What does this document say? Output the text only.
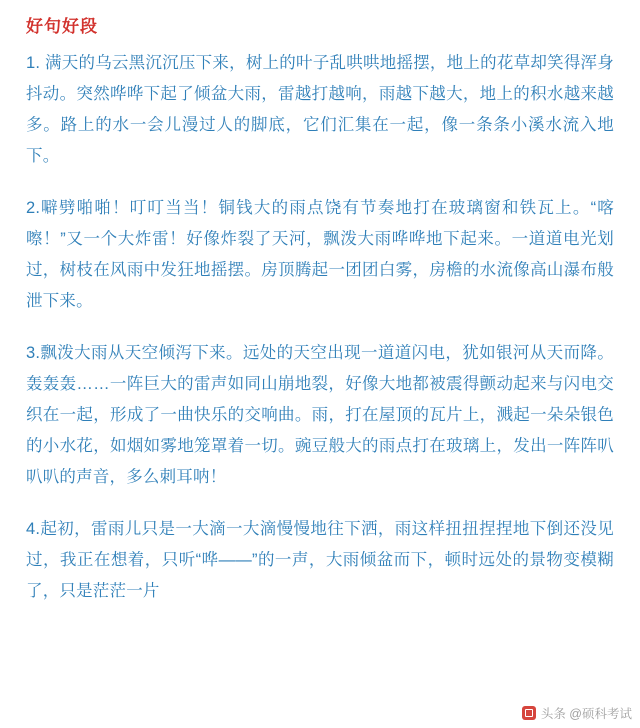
好句好段

1. 满天的乌云黑沉沉压下来，树上的叶子乱哄哄地摇摆，地上的花草却笑得浑身抖动。突然哗哗下起了倾盆大雨，雷越打越响，雨越下越大，地上的积水越来越多。路上的水一会儿漫过人的脚底，它们汇集在一起，像一条条小溪水流入地下。

2.噼劈啪啪！叮叮当当！铜钱大的雨点饶有节奏地打在玻璃窗和铁瓦上。“喀嚓！”又一个大炸雷！好像炸裂了天河，飘泼大雨哗哗地下起来。一道道电光划过，树枝在风雨中发狂地摇摆。房顶腾起一团团白雾，房檐的水流像高山瀑布般泄下来。

3.飘泼大雨从天空倾泻下来。远处的天空出现一道道闪电，犹如银河从天而降。轰轰轰……一阵巨大的雷声如同山崩地裂，好像大地都被震得颤动起来与闪电交织在一起，形成了一曲快乐的交响曲。雨，打在屋顶的瓦片上，溅起一朵朵银色的小水花，如烟如雾地笼罩着一切。豌豆般大的雨点打在玻璃上，发出一阵阵叭叭叭的声音，多么刺耳呐！

4.起初，雷雨儿只是一大滴一大滴慢慢地往下洒，雨这样扭扭捏捏地下倒还没见过，我正在想着，只听“哗——”的一声，大雨倾盆而下，顿时远处的景物变模糊了，只是茫茫一片

头条 @硕科考试
